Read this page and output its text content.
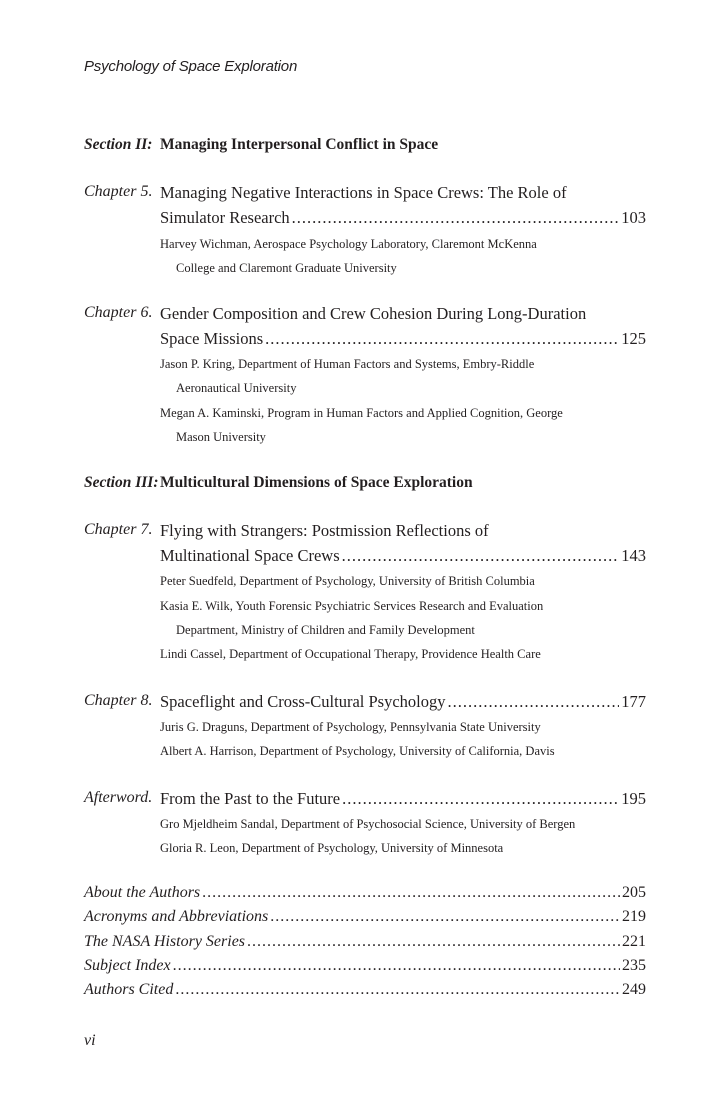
Psychology of Space Exploration
Section II: Managing Interpersonal Conflict in Space
Chapter 5. Managing Negative Interactions in Space Crews: The Role of
Simulator Research .....	103
Harvey Wichman, Aerospace Psychology Laboratory, Claremont McKenna
College and Claremont Graduate University
Chapter 6. Gender Composition and Crew Cohesion During Long-Duration
Space Missions .....	125
Jason P. Kring, Department of Human Factors and Systems, Embry-Riddle
Aeronautical University
Megan A. Kaminski, Program in Human Factors and Applied Cognition, George
Mason University
Section III: Multicultural Dimensions of Space Exploration
Chapter 7. Flying with Strangers: Postmission Reflections of
Multinational Space Crews .....	143
Peter Suedfeld, Department of Psychology, University of British Columbia
Kasia E. Wilk, Youth Forensic Psychiatric Services Research and Evaluation
Department, Ministry of Children and Family Development
Lindi Cassel, Department of Occupational Therapy, Providence Health Care
Chapter 8. Spaceflight and Cross-Cultural Psychology .....	177
Juris G. Draguns, Department of Psychology, Pennsylvania State University
Albert A. Harrison, Department of Psychology, University of California, Davis
Afterword. From the Past to the Future .....	195
Gro Mjeldheim Sandal, Department of Psychosocial Science, University of Bergen
Gloria R. Leon, Department of Psychology, University of Minnesota
About the Authors .....	205
Acronyms and Abbreviations .....	219
The NASA History Series .....	221
Subject Index .....	235
Authors Cited .....	249
vi
